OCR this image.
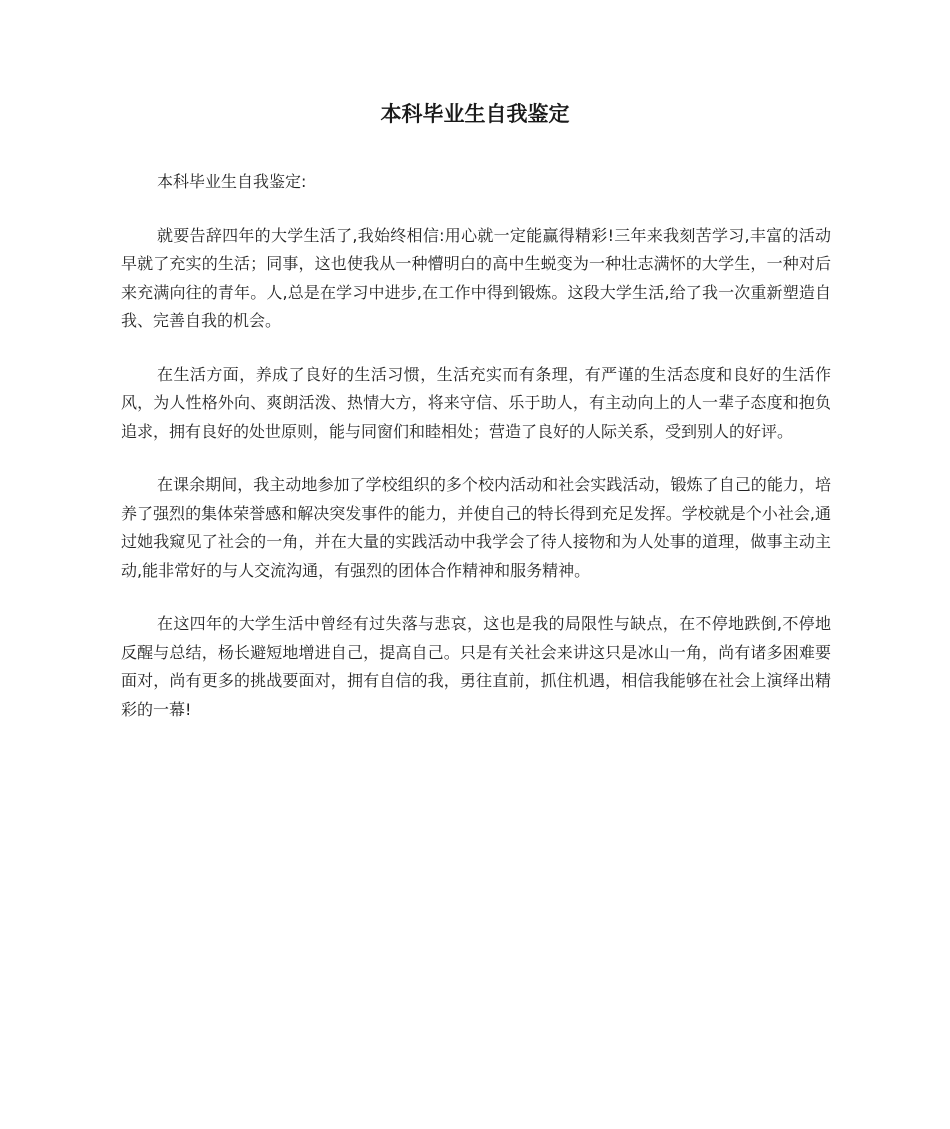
本科毕业生自我鉴定

本科毕业生自我鉴定:

就要告辞四年的大学生活了,我始终相信:用心就一定能赢得精彩!三年来我刻苦学习,丰富的活动早就了充实的生活；同事，这也使我从一种懵明白的高中生蜕变为一种壮志满怀的大学生，一种对后来充满向往的青年。人,总是在学习中进步,在工作中得到锻炼。这段大学生活,给了我一次重新塑造自我、完善自我的机会。

在生活方面，养成了良好的生活习惯，生活充实而有条理，有严谨的生活态度和良好的生活作风，为人性格外向、爽朗活泼、热情大方，将来守信、乐于助人，有主动向上的人一辈子态度和抱负追求，拥有良好的处世原则，能与同窗们和睦相处；营造了良好的人际关系，受到别人的好评。

在课余期间，我主动地参加了学校组织的多个校内活动和社会实践活动，锻炼了自己的能力，培养了强烈的集体荣誉感和解决突发事件的能力，并使自己的特长得到充足发挥。学校就是个小社会,通过她我窥见了社会的一角，并在大量的实践活动中我学会了待人接物和为人处事的道理，做事主动主动,能非常好的与人交流沟通，有强烈的团体合作精神和服务精神。

在这四年的大学生活中曾经有过失落与悲哀，这也是我的局限性与缺点，在不停地跌倒,不停地反醒与总结，杨长避短地增进自己，提高自己。只是有关社会来讲这只是冰山一角，尚有诸多困难要面对，尚有更多的挑战要面对，拥有自信的我，勇往直前，抓住机遇，相信我能够在社会上演绎出精彩的一幕!
